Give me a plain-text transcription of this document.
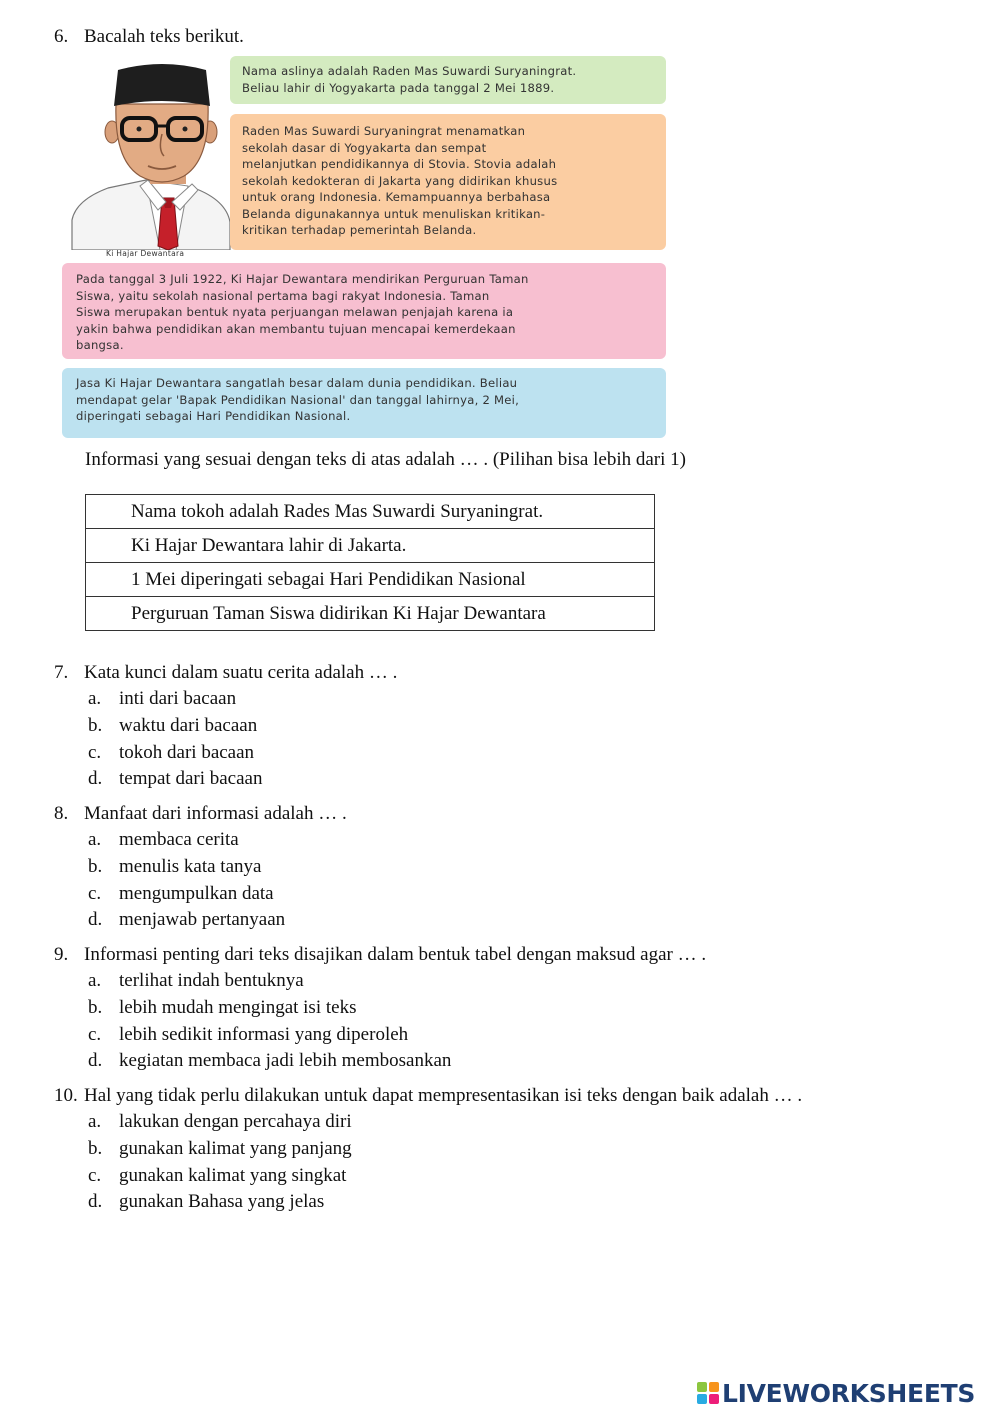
6. Bacalah teks berikut.
Ki Hajar Dewantara

Nama aslinya adalah Raden Mas Suwardi Suryaningrat.

Beliau lahir di Yogyakarta pada tanggal 2 Mei 1889.

Raden Mas Suwardi Suryaningrat menamatkan

sekolah dasar di Yogyakarta dan sempat

melanjutkan pendidikannya di Stovia. Stovia adalah

sekolah kedokteran di Jakarta yang didirikan khusus

untuk orang Indonesia. Kemampuannya berbahasa

Belanda digunakannya untuk menuliskan kritikan-

kritikan terhadap pemerintah Belanda.

Pada tanggal 3 Juli 1922, Ki Hajar Dewantara mendirikan Perguruan Taman

Siswa, yaitu sekolah nasional pertama bagi rakyat Indonesia. Taman

Siswa merupakan bentuk nyata perjuangan melawan penjajah karena ia

yakin bahwa pendidikan akan membantu tujuan mencapai kemerdekaan

bangsa.

Jasa Ki Hajar Dewantara sangatlah besar dalam dunia pendidikan. Beliau

mendapat gelar 'Bapak Pendidikan Nasional' dan tanggal lahirnya, 2 Mei,

diperingati sebagai Hari Pendidikan Nasional.

Informasi yang sesuai dengan teks di atas adalah … . (Pilihan bisa lebih dari 1)
Nama tokoh adalah Rades Mas Suwardi Suryaningrat.
Ki Hajar Dewantara lahir di Jakarta.
1 Mei diperingati sebagai Hari Pendidikan Nasional
Perguruan Taman Siswa didirikan Ki Hajar Dewantara
7. Kata kunci dalam suatu cerita adalah … .
a. inti dari bacaan
b. waktu dari bacaan
c. tokoh dari bacaan
d. tempat dari bacaan
8. Manfaat dari informasi adalah … .
a. membaca cerita
b. menulis kata tanya
c. mengumpulkan data
d. menjawab pertanyaan
9. Informasi penting dari teks disajikan dalam bentuk tabel dengan maksud agar … .
a. terlihat indah bentuknya
b. lebih mudah mengingat isi teks
c. lebih sedikit informasi yang diperoleh
d. kegiatan membaca jadi lebih membosankan
10. Hal yang tidak perlu dilakukan untuk dapat mempresentasikan isi teks dengan baik adalah … .
a. lakukan dengan percahaya diri
b. gunakan kalimat yang panjang
c. gunakan kalimat yang singkat
d. gunakan Bahasa yang jelas
LIVEWORKSHEETS
